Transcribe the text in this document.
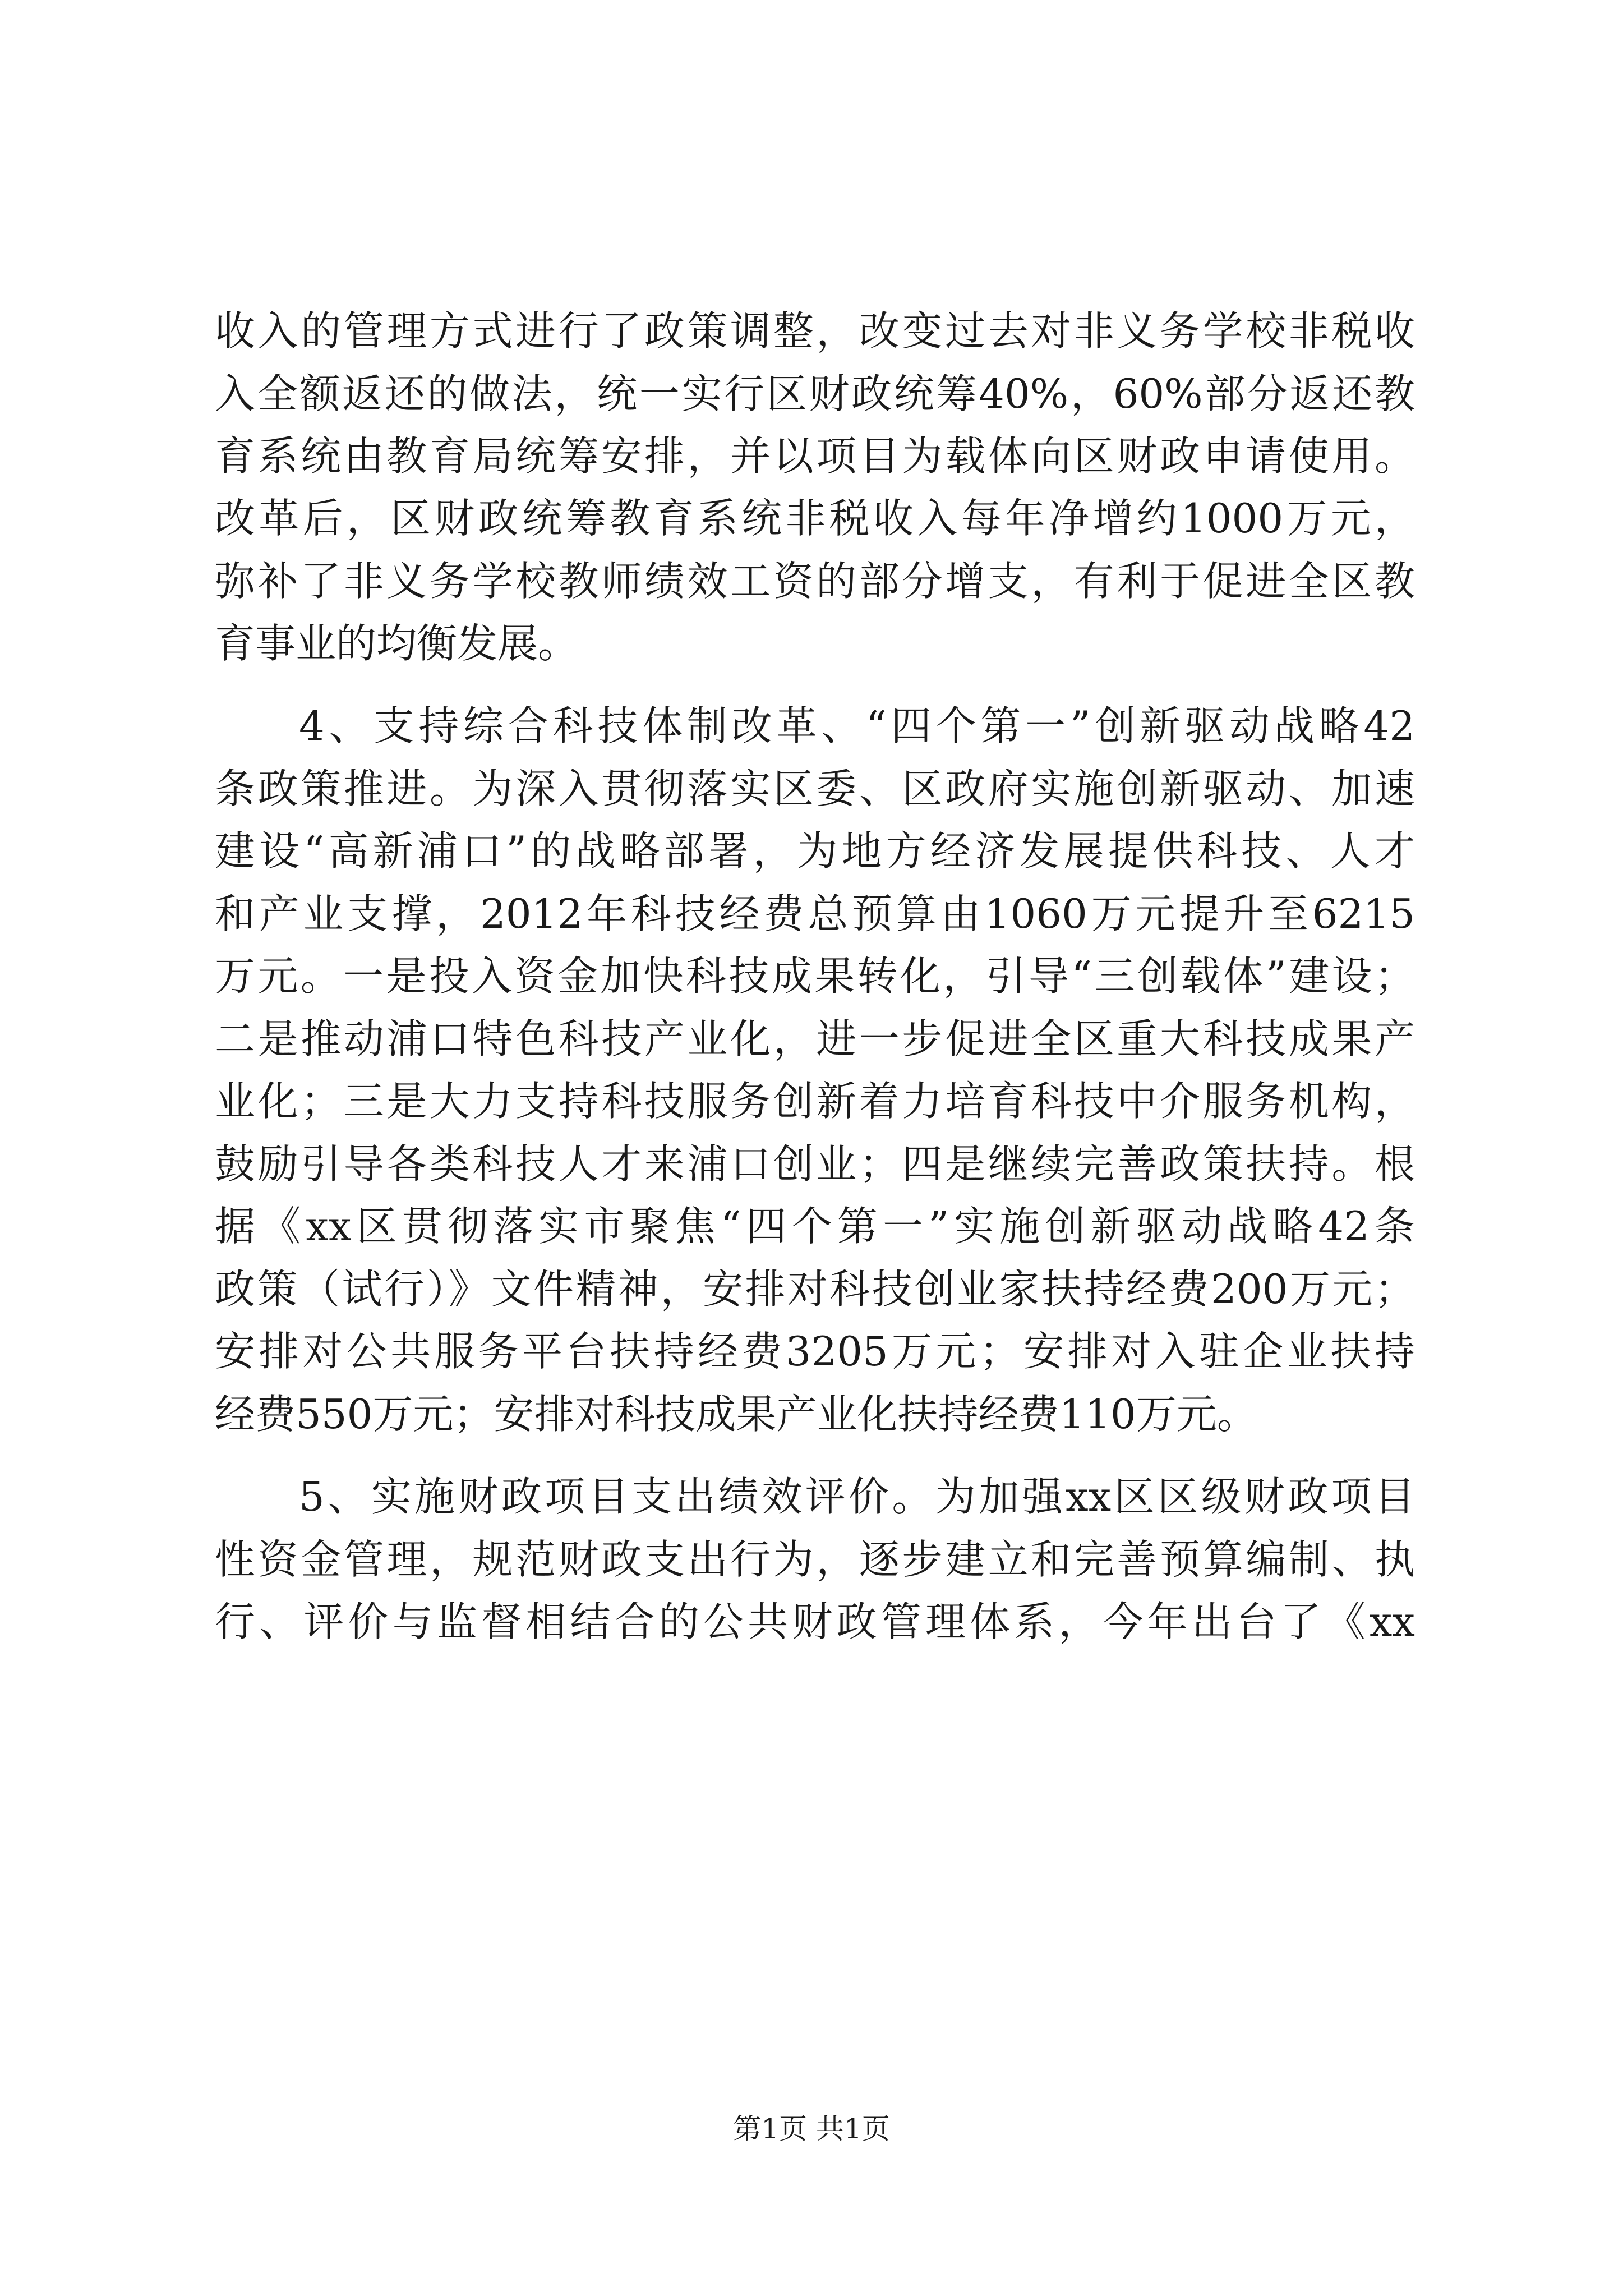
收入的管理方式进行了政策调整，改变过去对非义务学校非税收
入全额返还的做法，统一实行区财政统筹40%，60%部分返还教
育系统由教育局统筹安排，并以项目为载体向区财政申请使用。
改革后，区财政统筹教育系统非税收入每年净增约1000万元，
弥补了非义务学校教师绩效工资的部分增支，有利于促进全区教
育事业的均衡发展。
4、支持综合科技体制改革、“四个第一”创新驱动战略42
条政策推进。为深入贯彻落实区委、区政府实施创新驱动、加速
建设“高新浦口”的战略部署，为地方经济发展提供科技、人才
和产业支撑，2012年科技经费总预算由1060万元提升至6215
万元。一是投入资金加快科技成果转化，引导“三创载体”建设；
二是推动浦口特色科技产业化，进一步促进全区重大科技成果产
业化；三是大力支持科技服务创新着力培育科技中介服务机构，
鼓励引导各类科技人才来浦口创业；四是继续完善政策扶持。根
据《xx区贯彻落实市聚焦“四个第一”实施创新驱动战略42条
政策（试行）》文件精神，安排对科技创业家扶持经费200万元；
安排对公共服务平台扶持经费3205万元；安排对入驻企业扶持
经费550万元；安排对科技成果产业化扶持经费110万元。
5、实施财政项目支出绩效评价。为加强xx区区级财政项目
性资金管理，规范财政支出行为，逐步建立和完善预算编制、执
行、评价与监督相结合的公共财政管理体系，今年出台了《xx
第1页 共1页
